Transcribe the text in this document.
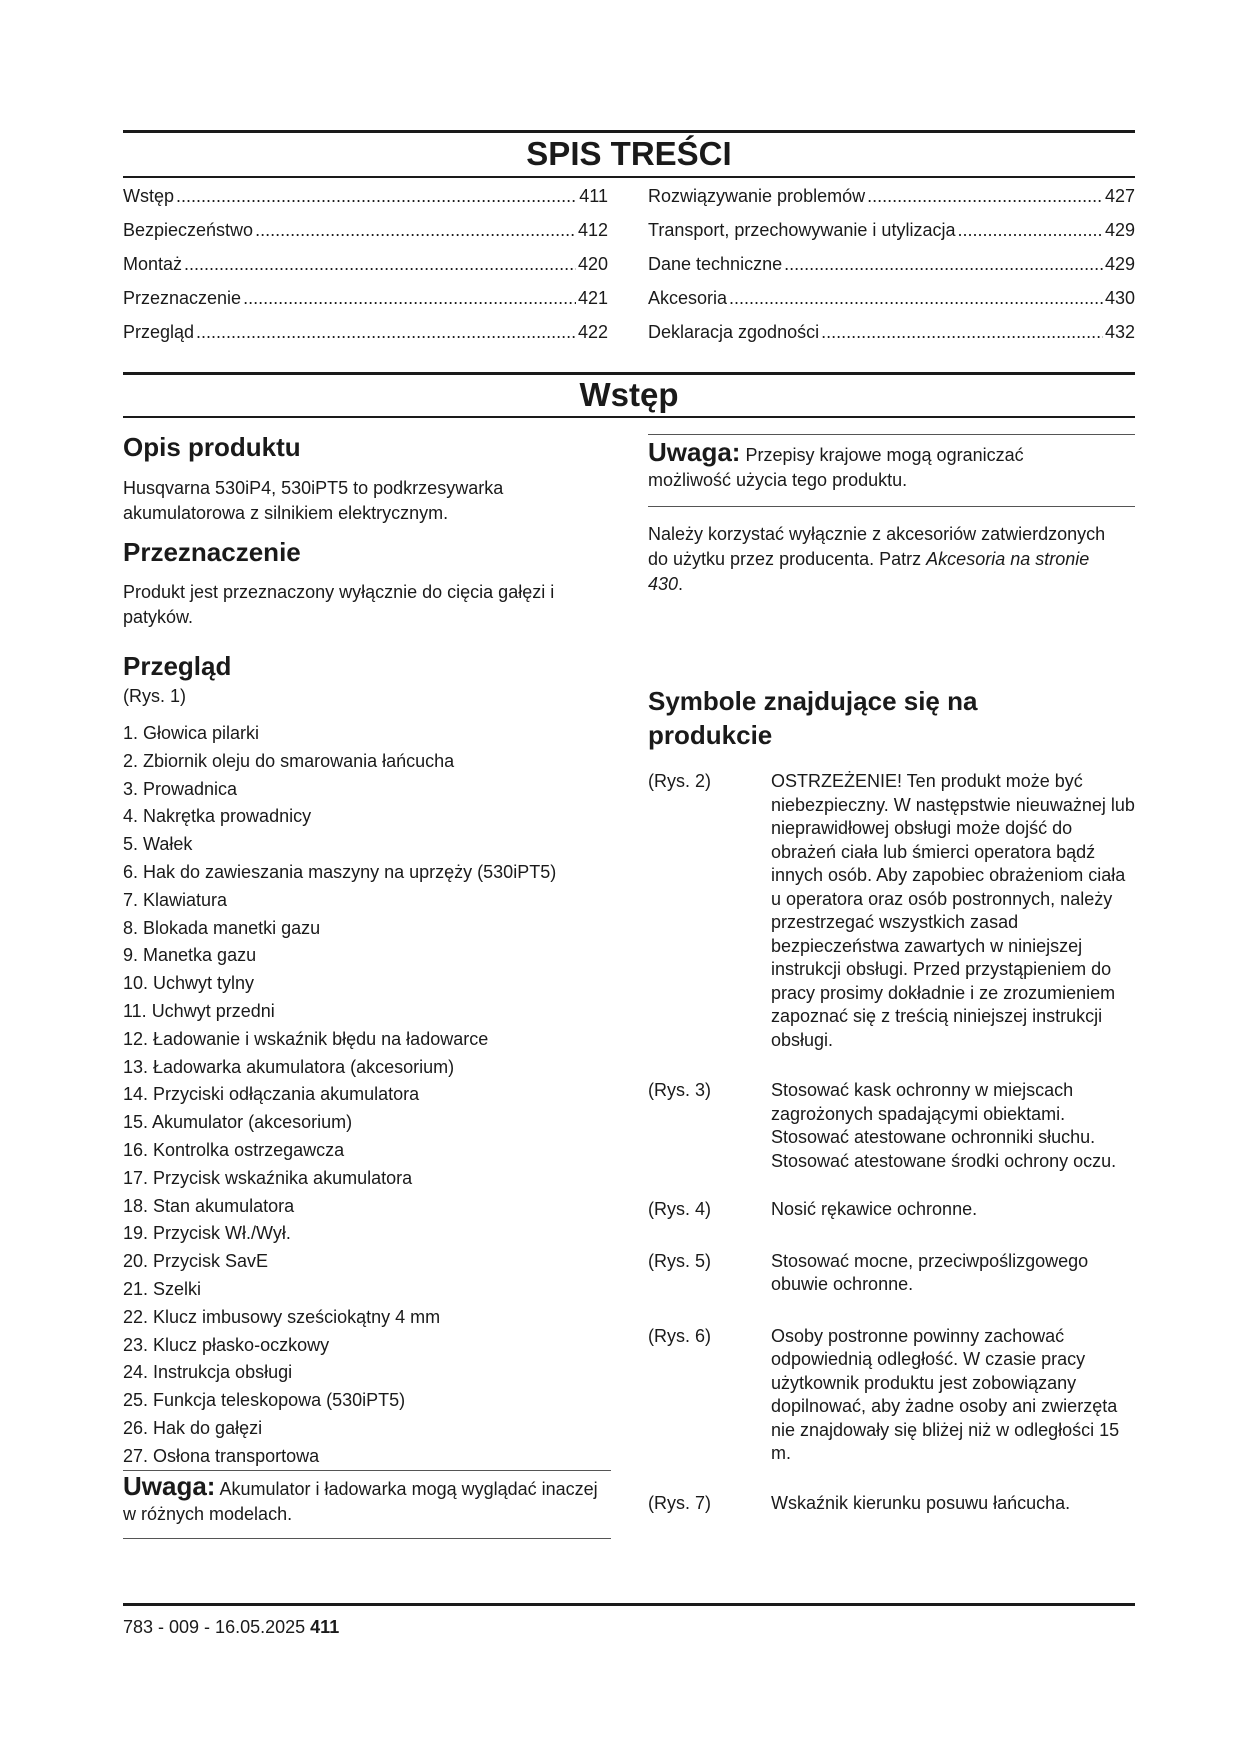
SPIS TREŚCI
Wstęp .....	411
Bezpieczeństwo .....	412
Montaż .....	420
Przeznaczenie .....	421
Przegląd .....	422
Rozwiązywanie problemów .....	427
Transport, przechowywanie i utylizacja .....	429
Dane techniczne .....	429
Akcesoria .....	430
Deklaracja zgodności .....	432
Wstęp
Opis produktu

Husqvarna 530iP4, 530iPT5 to podkrzesywarka akumulatorowa z silnikiem elektrycznym.

Przeznaczenie

Produkt jest przeznaczony wyłącznie do cięcia gałęzi i patyków.

Przegląd

(Rys. 1)

1. Głowica pilarki
2. Zbiornik oleju do smarowania łańcucha
3. Prowadnica
4. Nakrętka prowadnicy
5. Wałek
6. Hak do zawieszania maszyny na uprzęży (530iPT5)
7. Klawiatura
8. Blokada manetki gazu
9. Manetka gazu
10. Uchwyt tylny
11. Uchwyt przedni
12. Ładowanie i wskaźnik błędu na ładowarce
13. Ładowarka akumulatora (akcesorium)
14. Przyciski odłączania akumulatora
15. Akumulator (akcesorium)
16. Kontrolka ostrzegawcza
17. Przycisk wskaźnika akumulatora
18. Stan akumulatora
19. Przycisk Wł./Wył.
20. Przycisk SavE
21. Szelki
22. Klucz imbusowy sześciokątny 4 mm
23. Klucz płasko-oczkowy
24. Instrukcja obsługi
25. Funkcja teleskopowa (530iPT5)
26. Hak do gałęzi
27. Osłona transportowa
Uwaga: Akumulator i ładowarka mogą wyglądać inaczej w różnych modelach.
Uwaga: Przepisy krajowe mogą ograniczać możliwość użycia tego produktu.

Należy korzystać wyłącznie z akcesoriów zatwierdzonych do użytku przez producenta. Patrz Akcesoria na stronie 430.

Symbole znajdujące się na
produkcie
(Rys. 2)	OSTRZEŻENIE! Ten produkt może być niebezpieczny. W następstwie nieuważnej lub nieprawidłowej obsługi może dojść do obrażeń ciała lub śmierci operatora bądź innych osób. Aby zapobiec obrażeniom ciała u operatora oraz osób postronnych, należy przestrzegać wszystkich zasad bezpieczeństwa zawartych w niniejszej instrukcji obsługi. Przed przystąpieniem do pracy prosimy dokładnie i ze zrozumieniem zapoznać się z treścią niniejszej instrukcji obsługi.
(Rys. 3)	Stosować kask ochronny w miejscach zagrożonych spadającymi obiektami. Stosować atestowane ochronniki słuchu. Stosować atestowane środki ochrony oczu.
(Rys. 4)	Nosić rękawice ochronne.
(Rys. 5)	Stosować mocne, przeciwpoślizgowego obuwie ochronne.
(Rys. 6)	Osoby postronne powinny zachować odpowiednią odległość. W czasie pracy użytkownik produktu jest zobowiązany dopilnować, aby żadne osoby ani zwierzęta nie znajdowały się bliżej niż w odległości 15 m.
(Rys. 7)	Wskaźnik kierunku posuwu łańcucha.
783 - 009 - 16.05.2025 411
